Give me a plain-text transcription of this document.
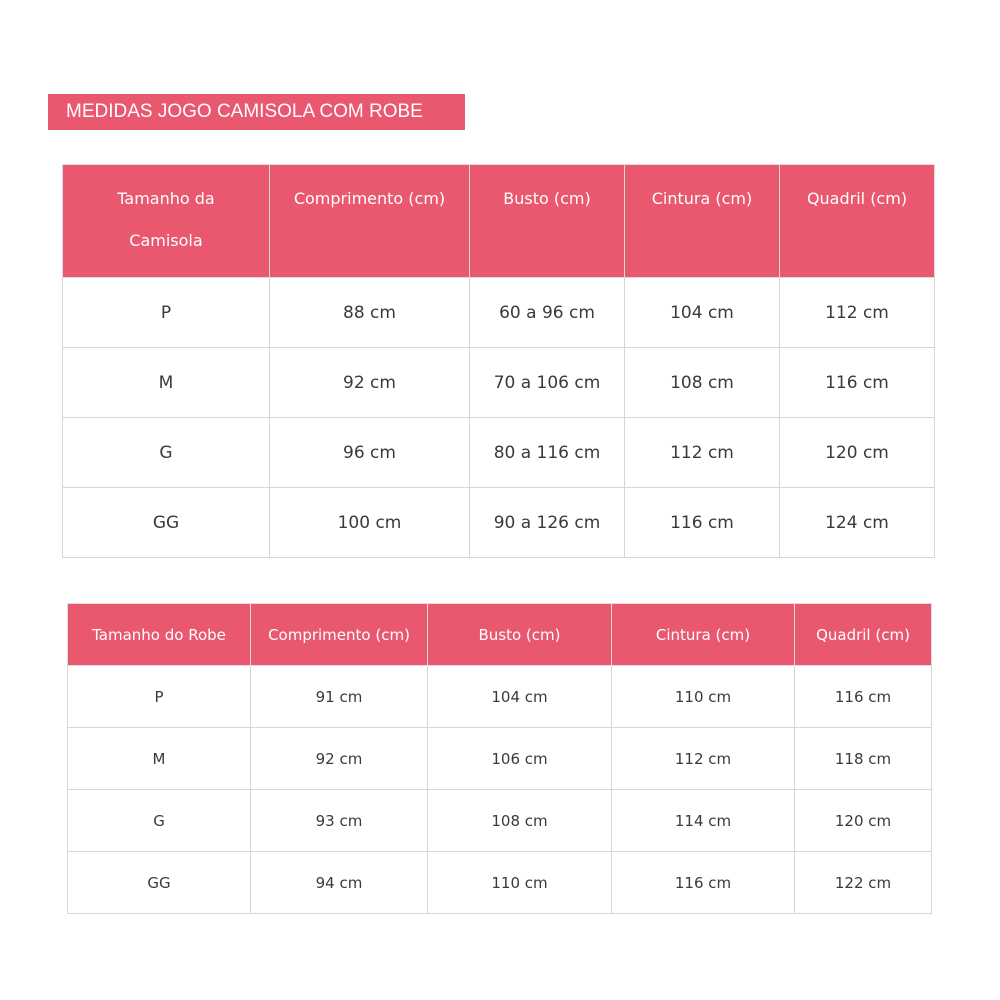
MEDIDAS JOGO CAMISOLA COM ROBE
Tamanho da Camisola	Comprimento (cm)	Busto (cm)	Cintura (cm)	Quadril (cm)

P	88 cm	60 a 96 cm	104 cm	112 cm
M	92 cm	70 a 106 cm	108 cm	116 cm
G	96 cm	80 a 116 cm	112 cm	120 cm
GG	100 cm	90 a 126 cm	116 cm	124 cm
Tamanho do Robe	Comprimento (cm)	Busto (cm)	Cintura (cm)	Quadril (cm)
P	91 cm	104 cm	110 cm	116 cm
M	92 cm	106 cm	112 cm	118 cm
G	93 cm	108 cm	114 cm	120 cm
GG	94 cm	110 cm	116 cm	122 cm
